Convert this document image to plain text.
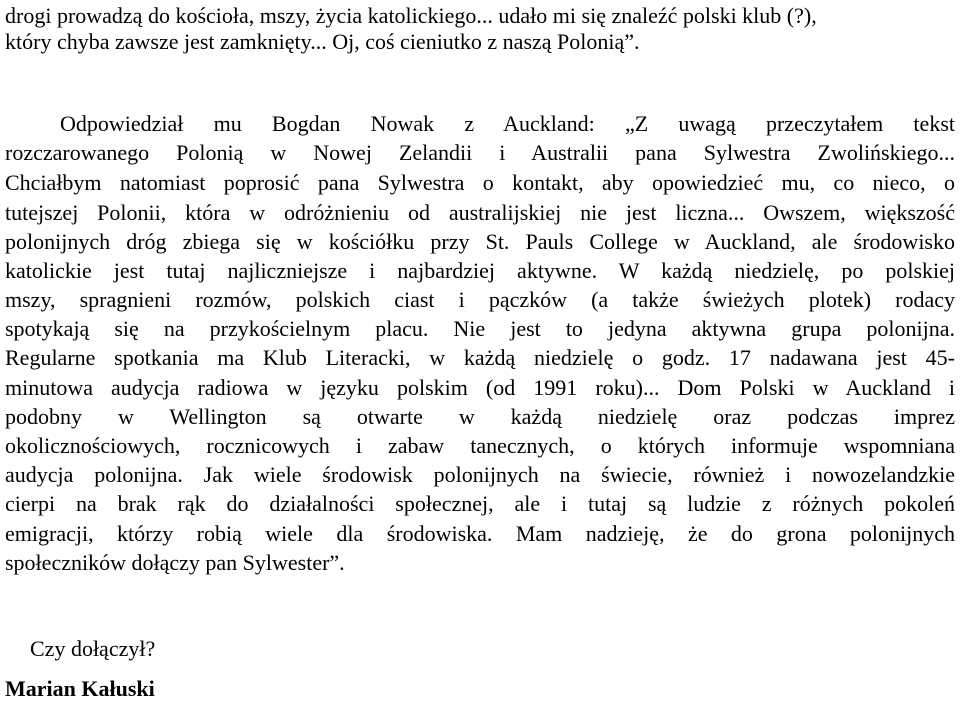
drogi prowadzą do kościoła, mszy, życia katolickiego... udało mi się znaleźć polski klub (?),
który chyba zawsze jest zamknięty... Oj, coś cieniutko z naszą Polonią”.
Odpowiedział mu Bogdan Nowak z Auckland: „Z uwagą przeczytałem tekst
rozczarowanego Polonią w Nowej Zelandii i Australii pana Sylwestra Zwolińskiego...
Chciałbym natomiast poprosić pana Sylwestra o kontakt, aby opowiedzieć mu, co nieco, o
tutejszej Polonii, która w odróżnieniu od australijskiej nie jest liczna... Owszem, większość
polonijnych dróg zbiega się w kościółku przy St. Pauls College w Auckland, ale środowisko
katolickie jest tutaj najliczniejsze i najbardziej aktywne. W każdą niedzielę, po polskiej
mszy, spragnieni rozmów, polskich ciast i pączków (a także świeżych plotek) rodacy
spotykają się na przykościelnym placu. Nie jest to jedyna aktywna grupa polonijna.
Regularne spotkania ma Klub Literacki, w każdą niedzielę o godz. 17 nadawana jest 45-
minutowa audycja radiowa w języku polskim (od 1991 roku)... Dom Polski w Auckland i
podobny w Wellington są otwarte w każdą niedzielę oraz podczas imprez
okolicznościowych, rocznicowych i zabaw tanecznych, o których informuje wspomniana
audycja polonijna. Jak wiele środowisk polonijnych na świecie, również i nowozelandzkie
cierpi na brak rąk do działalności społecznej, ale i tutaj są ludzie z różnych pokoleń
emigracji, którzy robią wiele dla środowiska. Mam nadzieję, że do grona polonijnych
społeczników dołączy pan Sylwester”.
Czy dołączył?
Marian Kałuski
